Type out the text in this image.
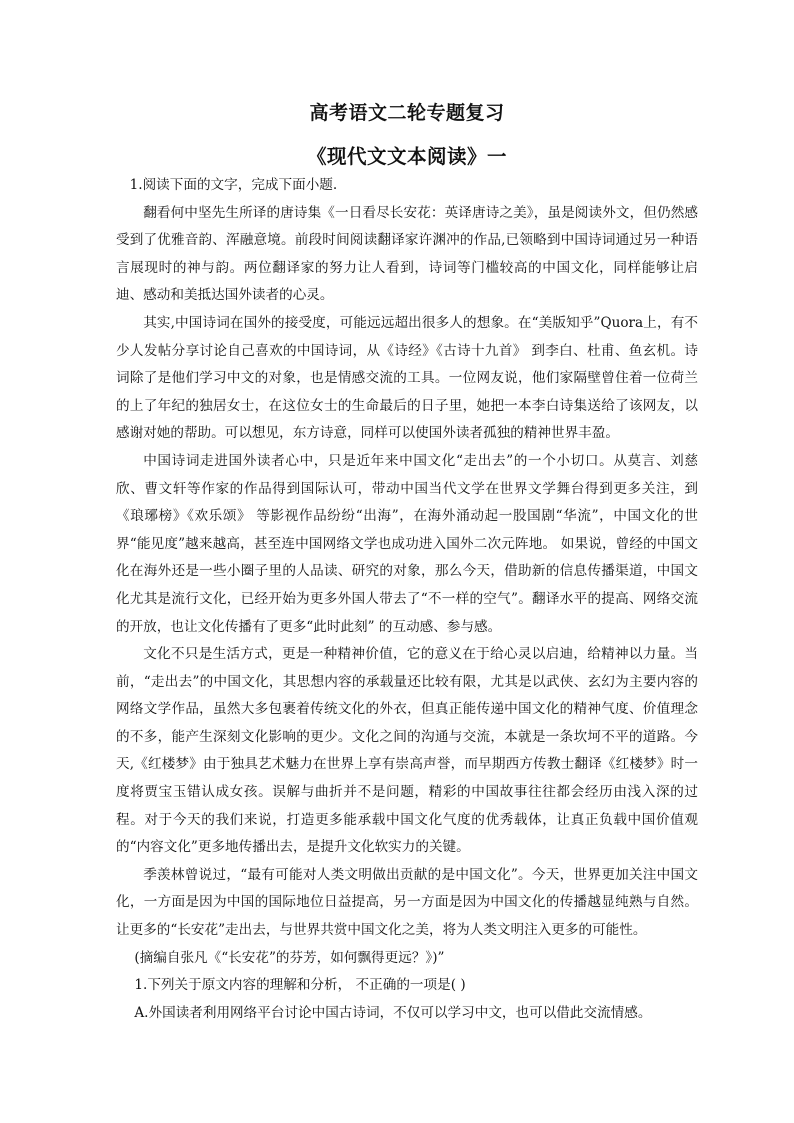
高考语文二轮专题复习
《现代文文本阅读》一

1.阅读下面的文字，完成下面小题.

翻看何中坚先生所译的唐诗集《一日看尽长安花：英译唐诗之美》，虽是阅读外文，但仍然感受到了优雅音韵、浑融意境。前段时间阅读翻译家许渊冲的作品,已领略到中国诗词通过另一种语言展现时的神与韵。两位翻译家的努力让人看到，诗词等门槛较高的中国文化，同样能够让启迪、感动和美抵达国外读者的心灵。

其实,中国诗词在国外的接受度，可能远远超出很多人的想象。在“美版知乎”Quora上，有不少人发帖分享讨论自己喜欢的中国诗词，从《诗经》《古诗十九首》 到李白、杜甫、鱼玄机。诗词除了是他们学习中文的对象，也是情感交流的工具。一位网友说，他们家隔壁曾住着一位荷兰的上了年纪的独居女士，在这位女士的生命最后的日子里，她把一本李白诗集送给了该网友，以感谢对她的帮助。可以想见，东方诗意，同样可以使国外读者孤独的精神世界丰盈。

中国诗词走进国外读者心中，只是近年来中国文化“走出去”的一个小切口。从莫言、刘慈欣、曹文轩等作家的作品得到国际认可，带动中国当代文学在世界文学舞台得到更多关注，到《琅琊榜》《欢乐颂》 等影视作品纷纷“出海”，在海外涌动起一股国剧“华流”，中国文化的世界“能见度”越来越高，甚至连中国网络文学也成功进入国外二次元阵地。 如果说，曾经的中国文化在海外还是一些小圈子里的人品读、研究的对象，那么今天，借助新的信息传播渠道，中国文化尤其是流行文化，已经开始为更多外国人带去了“不一样的空气”。翻译水平的提高、网络交流的开放，也让文化传播有了更多“此时此刻” 的互动感、参与感。

文化不只是生活方式，更是一种精神价值，它的意义在于给心灵以启迪，给精神以力量。当前，“走出去”的中国文化，其思想内容的承载量还比较有限，尤其是以武侠、玄幻为主要内容的网络文学作品，虽然大多包裹着传统文化的外衣，但真正能传递中国文化的精神气度、价值理念的不多，能产生深刻文化影响的更少。文化之间的沟通与交流，本就是一条坎坷不平的道路。今天,《红楼梦》由于独具艺术魅力在世界上享有崇高声誉，而早期西方传教士翻译《红楼梦》时一度将贾宝玉错认成女孩。误解与曲折并不是问题，精彩的中国故事往往都会经历由浅入深的过程。对于今天的我们来说，打造更多能承载中国文化气度的优秀载体，让真正负载中国价值观的“内容文化”更多地传播出去，是提升文化软实力的关键。

季羡林曾说过，“最有可能对人类文明做出贡献的是中国文化”。今天，世界更加关注中国文化，一方面是因为中国的国际地位日益提高，另一方面是因为中国文化的传播越显纯熟与自然。让更多的“长安花”走出去，与世界共赏中国文化之美，将为人类文明注入更多的可能性。

(摘编自张凡《“长安花”的芬芳，如何飘得更远？》)”

1.下列关于原文内容的理解和分析， 不正确的一项是( )

A.外国读者利用网络平台讨论中国古诗词，不仅可以学习中文，也可以借此交流情感。
